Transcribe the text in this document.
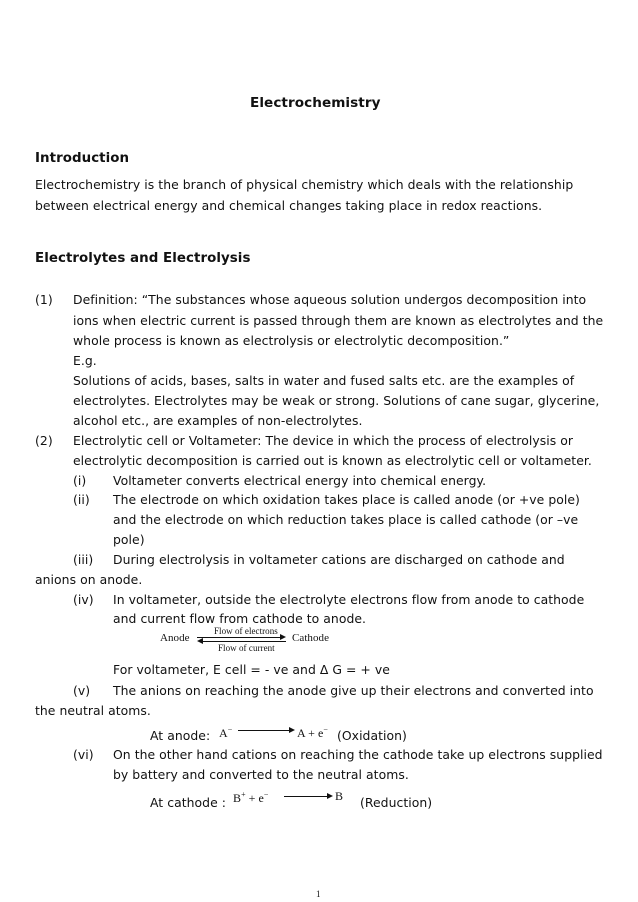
Electrochemistry
Introduction
Electrochemistry is the branch of physical chemistry which deals with the relationship
between electrical energy and chemical changes taking place in redox reactions.
Electrolytes and Electrolysis
(1) Definition: “The substances whose aqueous solution undergos decomposition into
ions when electric current is passed through them are known as electrolytes and the
whole process is known as electrolysis or electrolytic decomposition.”
E.g.
Solutions of acids, bases, salts in water and fused salts etc. are the examples of
electrolytes. Electrolytes may be weak or strong. Solutions of cane sugar, glycerine,
alcohol etc., are examples of non-electrolytes.
(2) Electrolytic cell or Voltameter: The device in which the process of electrolysis or
electrolytic decomposition is carried out is known as electrolytic cell or voltameter.
(i) Voltameter converts electrical energy into chemical energy.
(ii) The electrode on which oxidation takes place is called anode (or +ve pole)
and the electrode on which reduction takes place is called cathode (or –ve
pole)
(iii) During electrolysis in voltameter cations are discharged on cathode and
anions on anode.
(iv) In voltameter, outside the electrolyte electrons flow from anode to cathode
and current flow from cathode to anode.
Anode
Flow of electrons
Flow of current
Cathode
For voltameter, E cell = - ve and Δ G = + ve
(v) The anions on reaching the anode give up their electrons and converted into
the neutral atoms.
At anode: A−	A + e− (Oxidation)
(vi) On the other hand cations on reaching the cathode take up electrons supplied
by battery and converted to the neutral atoms.
At cathode : B+ + e−	B (Reduction)
1
